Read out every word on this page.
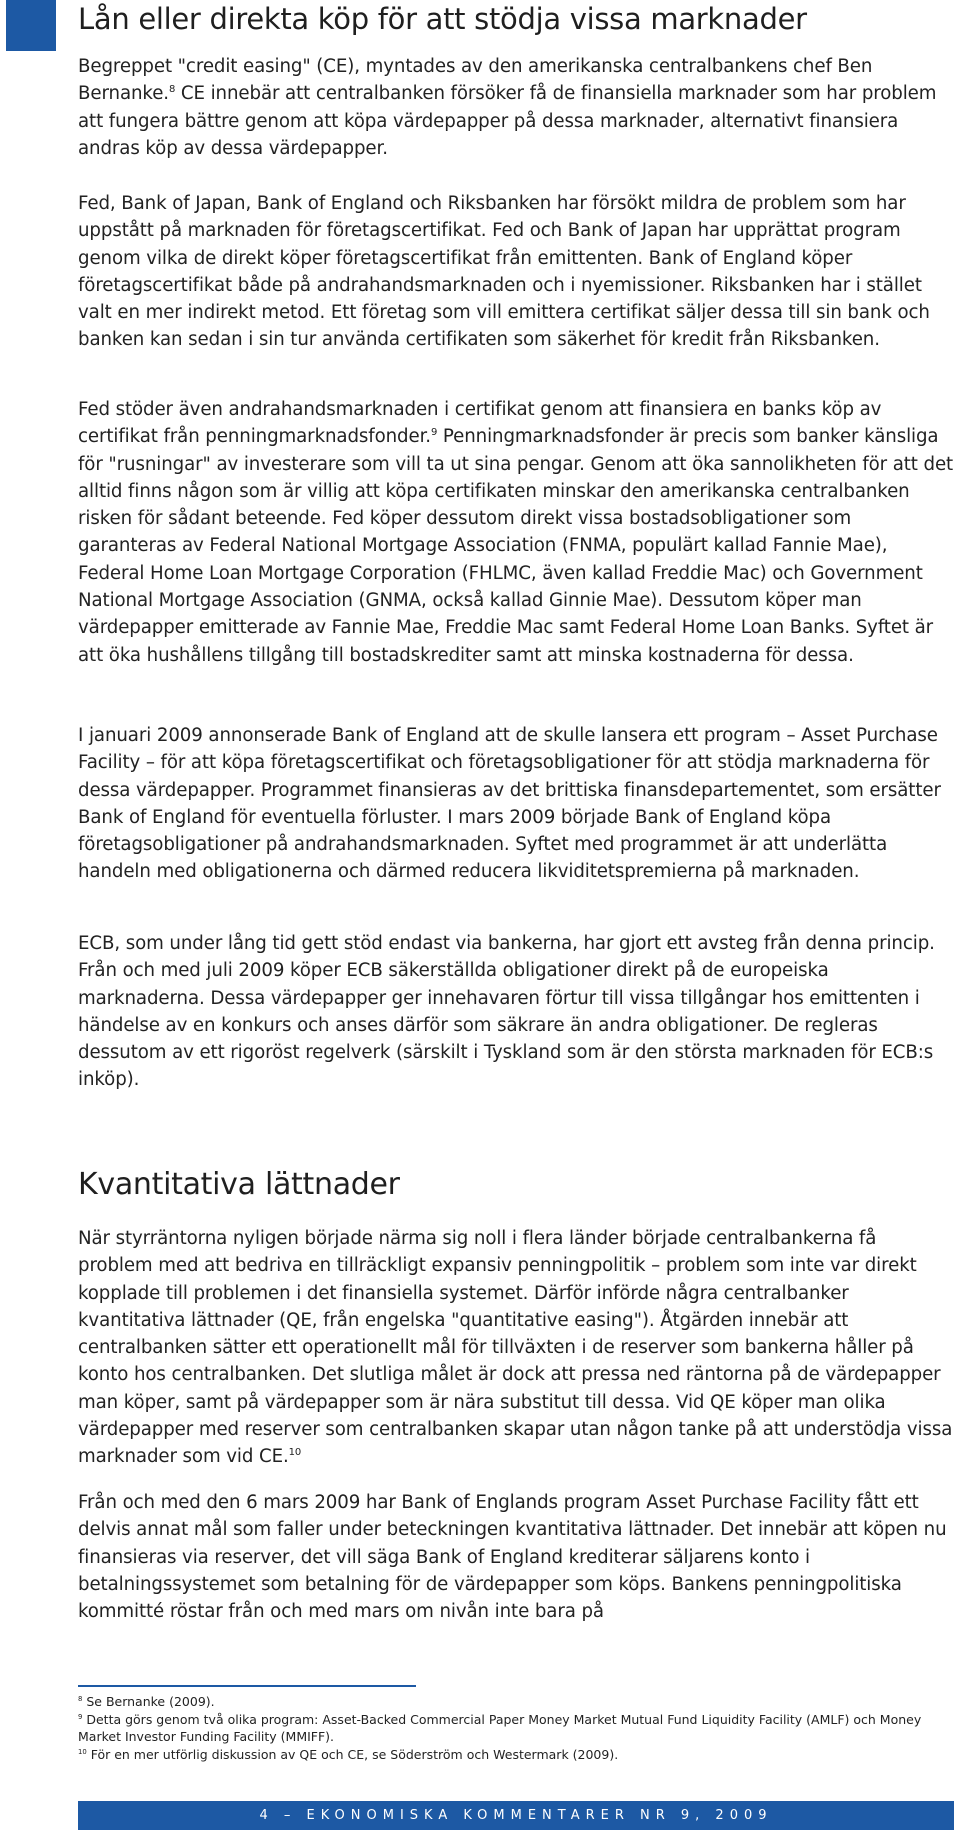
Lån eller direkta köp för att stödja vissa marknader

Begreppet "credit easing" (CE), myntades av den amerikanska centralbankens chef Ben Bernanke.$^8$ CE innebär att centralbanken försöker få de finansiella marknader som har problem att fungera bättre genom att köpa värdepapper på dessa marknader, alternativt finansiera andras köp av dessa värdepapper.

Fed, Bank of Japan, Bank of England och Riksbanken har försökt mildra de problem som har uppstått på marknaden för företagscertifikat. Fed och Bank of Japan har upprättat program genom vilka de direkt köper företagscertifikat från emittenten. Bank of England köper företagscertifikat både på andrahandsmarknaden och i nyemissioner. Riksbanken har i stället valt en mer indirekt metod. Ett företag som vill emittera certifikat säljer dessa till sin bank och banken kan sedan i sin tur använda certifikaten som säkerhet för kredit från Riksbanken.

Fed stöder även andrahandsmarknaden i certifikat genom att finansiera en banks köp av certifikat från penningmarknadsfonder.$^9$ Penningmarknadsfonder är precis som banker känsliga för "rusningar" av investerare som vill ta ut sina pengar. Genom att öka sannolikheten för att det alltid finns någon som är villig att köpa certifikaten minskar den amerikanska centralbanken risken för sådant beteende. Fed köper dessutom direkt vissa bostadsobligationer som garanteras av Federal National Mortgage Association (FNMA, populärt kallad Fannie Mae), Federal Home Loan Mortgage Corporation (FHLMC, även kallad Freddie Mac) och Government National Mortgage Association (GNMA, också kallad Ginnie Mae). Dessutom köper man värdepapper emitterade av Fannie Mae, Freddie Mac samt Federal Home Loan Banks. Syftet är att öka hushållens tillgång till bostadskrediter samt att minska kostnaderna för dessa.

I januari 2009 annonserade Bank of England att de skulle lansera ett program – Asset Purchase Facility – för att köpa företagscertifikat och företagsobligationer för att stödja marknaderna för dessa värdepapper. Programmet finansieras av det brittiska finansdepartementet, som ersätter Bank of England för eventuella förluster. I mars 2009 började Bank of England köpa företagsobligationer på andrahandsmarknaden. Syftet med programmet är att underlätta handeln med obligationerna och därmed reducera likviditetspremierna på marknaden.

ECB, som under lång tid gett stöd endast via bankerna, har gjort ett avsteg från denna princip. Från och med juli 2009 köper ECB säkerställda obligationer direkt på de europeiska marknaderna. Dessa värdepapper ger innehavaren förtur till vissa tillgångar hos emittenten i händelse av en konkurs och anses därför som säkrare än andra obligationer. De regleras dessutom av ett rigoröst regelverk (särskilt i Tyskland som är den största marknaden för ECB:s inköp).

Kvantitativa lättnader

När styrräntorna nyligen började närma sig noll i flera länder började centralbankerna få problem med att bedriva en tillräckligt expansiv penningpolitik – problem som inte var direkt kopplade till problemen i det finansiella systemet. Därför införde några centralbanker kvantitativa lättnader (QE, från engelska "quantitative easing"). Åtgärden innebär att centralbanken sätter ett operationellt mål för tillväxten i de reserver som bankerna håller på konto hos centralbanken. Det slutliga målet är dock att pressa ned räntorna på de värdepapper man köper, samt på värdepapper som är nära substitut till dessa. Vid QE köper man olika värdepapper med reserver som centralbanken skapar utan någon tanke på att understödja vissa marknader som vid CE.$^{10}$

Från och med den 6 mars 2009 har Bank of Englands program Asset Purchase Facility fått ett delvis annat mål som faller under beteckningen kvantitativa lättnader. Det innebär att köpen nu finansieras via reserver, det vill säga Bank of England krediterar säljarens konto i betalningssystemet som betalning för de värdepapper som köps. Bankens penningpolitiska kommitté röstar från och med mars om nivån inte bara på

$^8$ Se Bernanke (2009).

$^9$ Detta görs genom två olika program: Asset-Backed Commercial Paper Money Market Mutual Fund Liquidity Facility (AMLF) och Money Market Investor Funding Facility (MMIFF).

$^{10}$ För en mer utförlig diskussion av QE och CE, se Söderström och Westermark (2009).

4 – EKONOMISKA KOMMENTARER NR 9, 2009
